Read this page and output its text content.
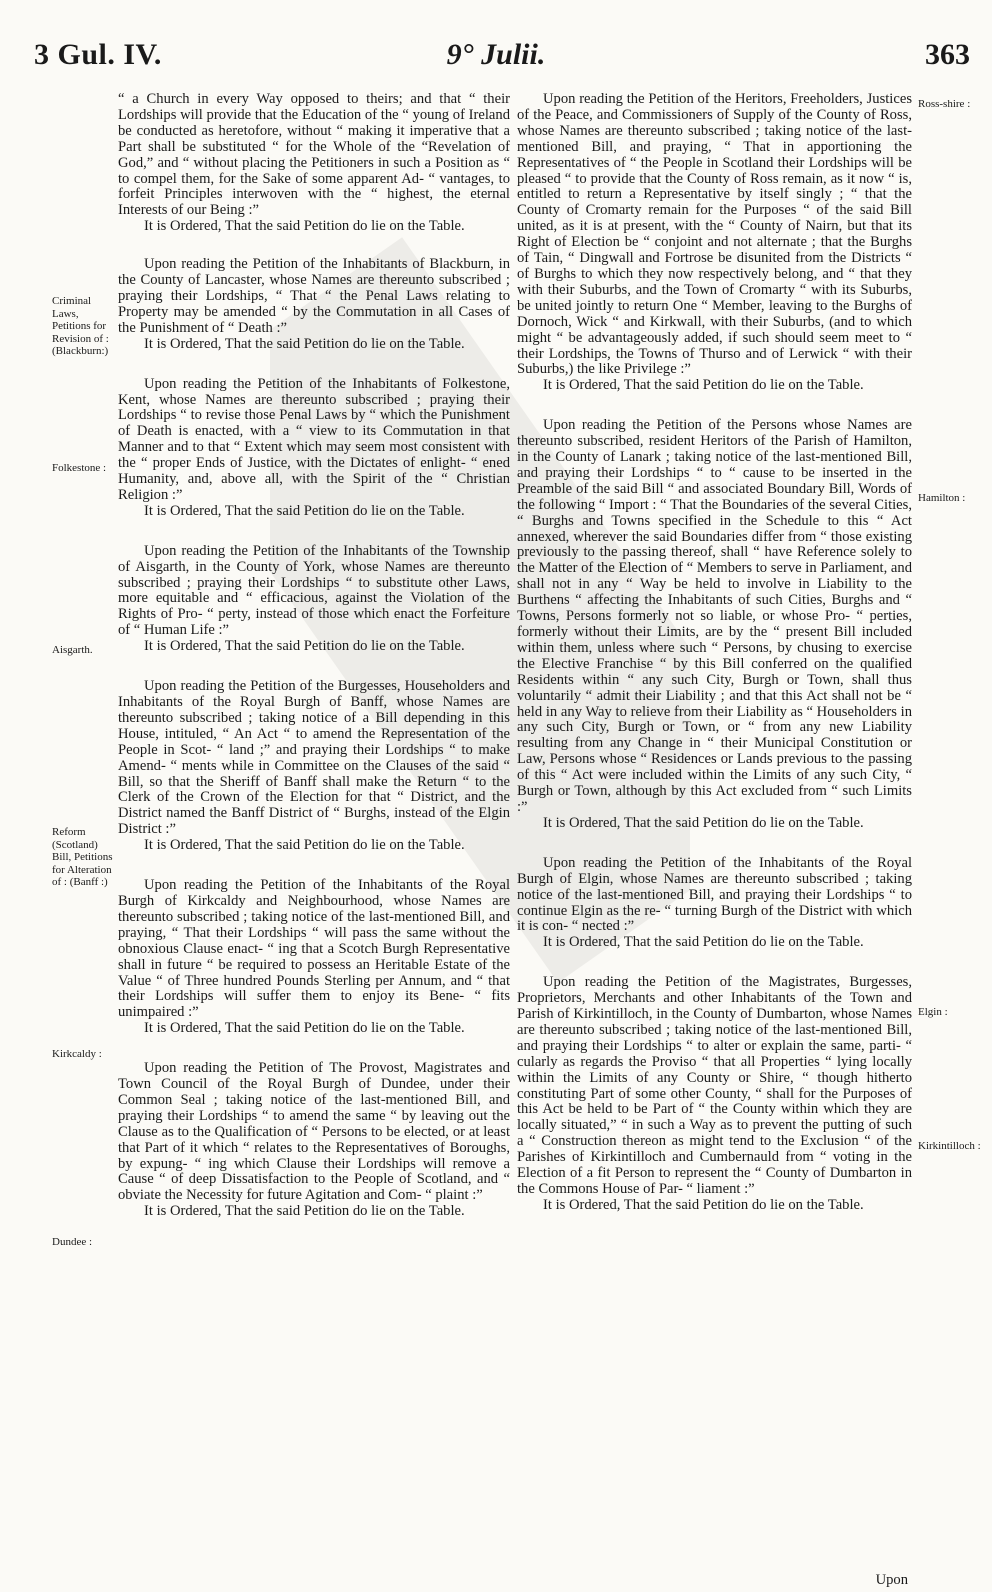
3 Gul. IV.	9° Julii.	363
Criminal Laws, Petitions for Revision of : (Blackburn:)
Folkestone :
Aisgarth.
Reform (Scotland) Bill, Petitions for Alteration of : (Banff :)
Kirkcaldy :
Dundee :
Ross-shire :
Hamilton :
Elgin :
Kirkintilloch :

“ a Church in every Way opposed to theirs; and that “ their Lordships will provide that the Education of the “ young of Ireland be conducted as heretofore, without “ making it imperative that a Part shall be substituted “ for the Whole of the “Revelation of God,” and “ without placing the Petitioners in such a Position as “ to compel them, for the Sake of some apparent Ad- “ vantages, to forfeit Principles interwoven with the “ highest, the eternal Interests of our Being :”

It is Ordered, That the said Petition do lie on the Table.

Upon reading the Petition of the Inhabitants of Blackburn, in the County of Lancaster, whose Names are thereunto subscribed ; praying their Lordships, “ That “ the Penal Laws relating to Property may be amended “ by the Commutation in all Cases of the Punishment of “ Death :”

It is Ordered, That the said Petition do lie on the Table.

Upon reading the Petition of the Inhabitants of Folkestone, Kent, whose Names are thereunto subscribed ; praying their Lordships “ to revise those Penal Laws by “ which the Punishment of Death is enacted, with a “ view to its Commutation in that Manner and to that “ Extent which may seem most consistent with the “ proper Ends of Justice, with the Dictates of enlight- “ ened Humanity, and, above all, with the Spirit of the “ Christian Religion :”

It is Ordered, That the said Petition do lie on the Table.

Upon reading the Petition of the Inhabitants of the Township of Aisgarth, in the County of York, whose Names are thereunto subscribed ; praying their Lordships “ to substitute other Laws, more equitable and “ efficacious, against the Violation of the Rights of Pro- “ perty, instead of those which enact the Forfeiture of “ Human Life :”

It is Ordered, That the said Petition do lie on the Table.

Upon reading the Petition of the Burgesses, Householders and Inhabitants of the Royal Burgh of Banff, whose Names are thereunto subscribed ; taking notice of a Bill depending in this House, intituled, “ An Act “ to amend the Representation of the People in Scot- “ land ;” and praying their Lordships “ to make Amend- “ ments while in Committee on the Clauses of the said “ Bill, so that the Sheriff of Banff shall make the Return “ to the Clerk of the Crown of the Election for that “ District, and the District named the Banff District of “ Burghs, instead of the Elgin District :”

It is Ordered, That the said Petition do lie on the Table.

Upon reading the Petition of the Inhabitants of the Royal Burgh of Kirkcaldy and Neighbourhood, whose Names are thereunto subscribed ; taking notice of the last-mentioned Bill, and praying, “ That their Lordships “ will pass the same without the obnoxious Clause enact- “ ing that a Scotch Burgh Representative shall in future “ be required to possess an Heritable Estate of the Value “ of Three hundred Pounds Sterling per Annum, and “ that their Lordships will suffer them to enjoy its Bene- “ fits unimpaired :”

It is Ordered, That the said Petition do lie on the Table.

Upon reading the Petition of The Provost, Magistrates and Town Council of the Royal Burgh of Dundee, under their Common Seal ; taking notice of the last-mentioned Bill, and praying their Lordships “ to amend the same “ by leaving out the Clause as to the Qualification of “ Persons to be elected, or at least that Part of it which “ relates to the Representatives of Boroughs, by expung- “ ing which Clause their Lordships will remove a Cause “ of deep Dissatisfaction to the People of Scotland, and “ obviate the Necessity for future Agitation and Com- “ plaint :”

It is Ordered, That the said Petition do lie on the Table.

Upon reading the Petition of the Heritors, Freeholders, Justices of the Peace, and Commissioners of Supply of the County of Ross, whose Names are thereunto subscribed ; taking notice of the last-mentioned Bill, and praying, “ That in apportioning the Representatives of “ the People in Scotland their Lordships will be pleased “ to provide that the County of Ross remain, as it now “ is, entitled to return a Representative by itself singly ; “ that the County of Cromarty remain for the Purposes “ of the said Bill united, as it is at present, with the “ County of Nairn, but that its Right of Election be “ conjoint and not alternate ; that the Burghs of Tain, “ Dingwall and Fortrose be disunited from the Districts “ of Burghs to which they now respectively belong, and “ that they with their Suburbs, and the Town of Cromarty “ with its Suburbs, be united jointly to return One “ Member, leaving to the Burghs of Dornoch, Wick “ and Kirkwall, with their Suburbs, (and to which might “ be advantageously added, if such should seem meet to “ their Lordships, the Towns of Thurso and of Lerwick “ with their Suburbs,) the like Privilege :”

It is Ordered, That the said Petition do lie on the Table.

Upon reading the Petition of the Persons whose Names are thereunto subscribed, resident Heritors of the Parish of Hamilton, in the County of Lanark ; taking notice of the last-mentioned Bill, and praying their Lordships “ to “ cause to be inserted in the Preamble of the said Bill “ and associated Boundary Bill, Words of the following “ Import : “ That the Boundaries of the several Cities, “ Burghs and Towns specified in the Schedule to this “ Act annexed, wherever the said Boundaries differ from “ those existing previously to the passing thereof, shall “ have Reference solely to the Matter of the Election of “ Members to serve in Parliament, and shall not in any “ Way be held to involve in Liability to the Burthens “ affecting the Inhabitants of such Cities, Burghs and “ Towns, Persons formerly not so liable, or whose Pro- “ perties, formerly without their Limits, are by the “ present Bill included within them, unless where such “ Persons, by chusing to exercise the Elective Franchise “ by this Bill conferred on the qualified Residents within “ any such City, Burgh or Town, shall thus voluntarily “ admit their Liability ; and that this Act shall not be “ held in any Way to relieve from their Liability as “ Householders in any such City, Burgh or Town, or “ from any new Liability resulting from any Change in “ their Municipal Constitution or Law, Persons whose “ Residences or Lands previous to the passing of this “ Act were included within the Limits of any such City, “ Burgh or Town, although by this Act excluded from “ such Limits :”

It is Ordered, That the said Petition do lie on the Table.

Upon reading the Petition of the Inhabitants of the Royal Burgh of Elgin, whose Names are thereunto subscribed ; taking notice of the last-mentioned Bill, and praying their Lordships “ to continue Elgin as the re- “ turning Burgh of the District with which it is con- “ nected :”

It is Ordered, That the said Petition do lie on the Table.

Upon reading the Petition of the Magistrates, Burgesses, Proprietors, Merchants and other Inhabitants of the Town and Parish of Kirkintilloch, in the County of Dumbarton, whose Names are thereunto subscribed ; taking notice of the last-mentioned Bill, and praying their Lordships “ to alter or explain the same, parti- “ cularly as regards the Proviso “ that all Properties “ lying locally within the Limits of any County or Shire, “ though hitherto constituting Part of some other County, “ shall for the Purposes of this Act be held to be Part of “ the County within which they are locally situated,” “ in such a Way as to prevent the putting of such a “ Construction thereon as might tend to the Exclusion “ of the Parishes of Kirkintilloch and Cumbernauld from “ voting in the Election of a fit Person to represent the “ County of Dumbarton in the Commons House of Par- “ liament :”

It is Ordered, That the said Petition do lie on the Table.

Upon
